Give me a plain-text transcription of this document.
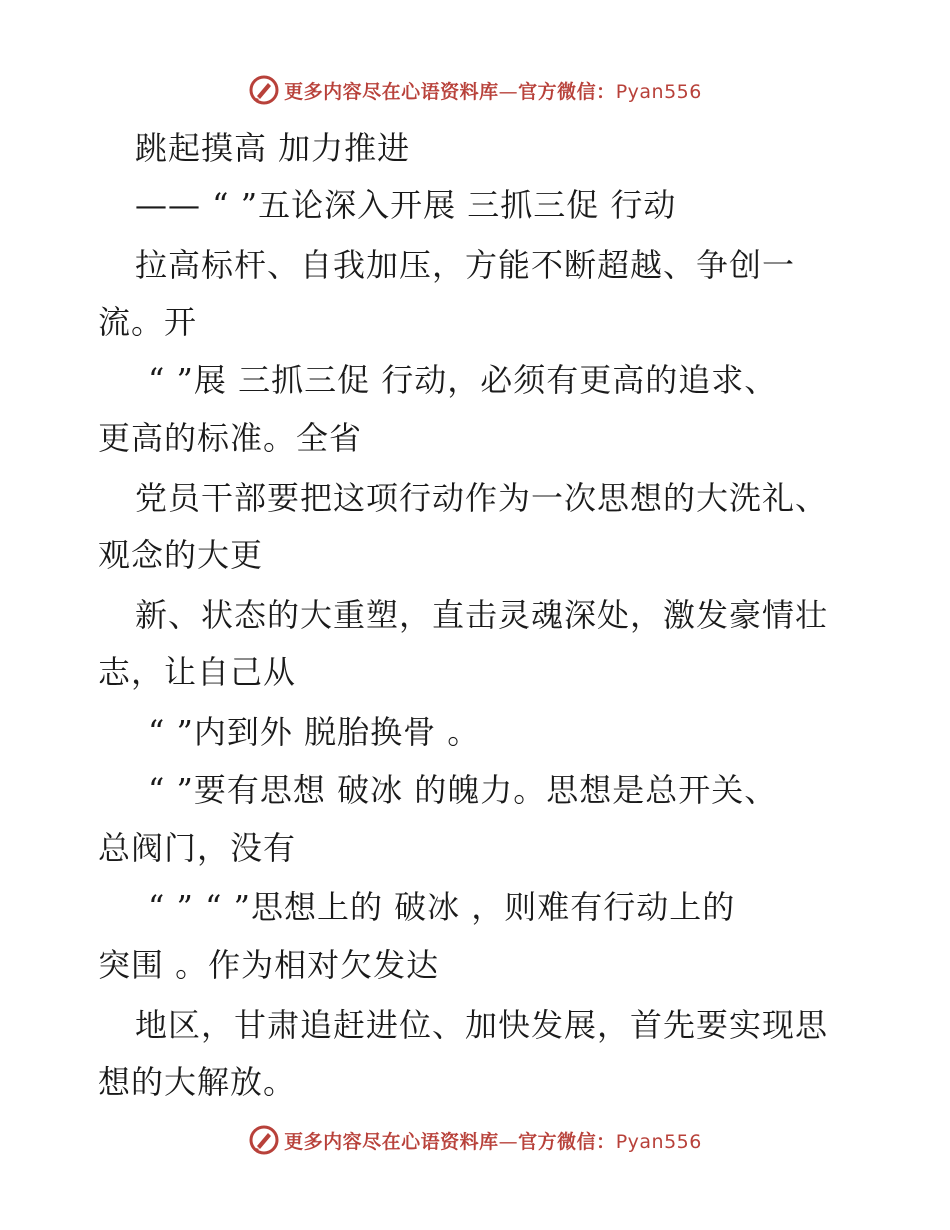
更多内容尽在心语资料库—官方微信：Pyan556
跳起摸高 加力推进
—— “ ”五论深入开展 三抓三促 行动
拉高标杆、自我加压，方能不断超越、争创一
流。开
“ ”展 三抓三促 行动，必须有更高的追求、
更高的标准。全省
党员干部要把这项行动作为一次思想的大洗礼、
观念的大更
新、状态的大重塑，直击灵魂深处，激发豪情壮
志，让自己从
“ ”内到外 脱胎换骨 。
“ ”要有思想 破冰 的魄力。思想是总开关、
总阀门，没有
“ ” “ ”思想上的 破冰 ，则难有行动上的
突围 。作为相对欠发达
地区，甘肃追赶进位、加快发展，首先要实现思
想的大解放。
更多内容尽在心语资料库—官方微信：Pyan556
